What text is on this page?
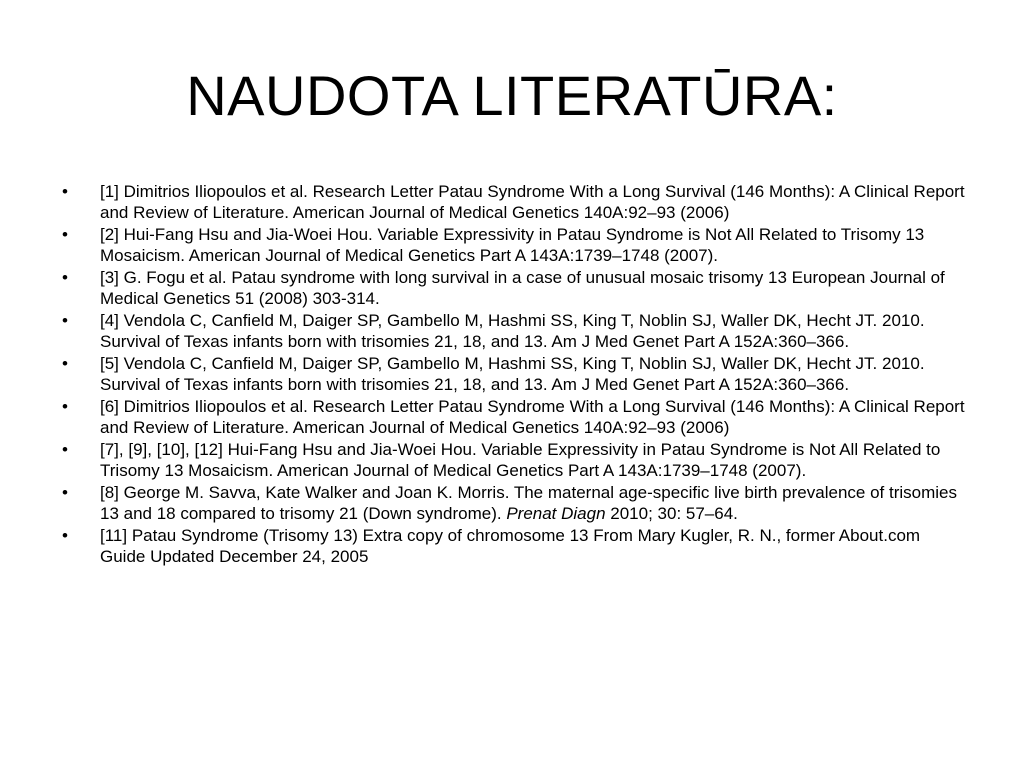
NAUDOTA LITERATŪRA:
•	[1] Dimitrios Iliopoulos et al. Research Letter Patau Syndrome With a Long Survival (146 Months): A Clinical Report and Review of Literature. American Journal of Medical Genetics 140A:92–93 (2006)
•	[2] Hui-Fang Hsu and Jia-Woei Hou. Variable Expressivity in Patau Syndrome is Not All Related to Trisomy 13 Mosaicism. American Journal of Medical Genetics Part A 143A:1739–1748 (2007).
•	[3] G. Fogu et al. Patau syndrome with long survival in a case of unusual mosaic trisomy 13 European Journal of Medical Genetics 51 (2008) 303-314.
•	[4] Vendola C, Canfield M, Daiger SP, Gambello M, Hashmi SS, King T, Noblin SJ, Waller DK, Hecht JT. 2010. Survival of Texas infants born with trisomies 21, 18, and 13. Am J Med Genet Part A 152A:360–366.
•	[5] Vendola C, Canfield M, Daiger SP, Gambello M, Hashmi SS, King T, Noblin SJ, Waller DK, Hecht JT. 2010. Survival of Texas infants born with trisomies 21, 18, and 13. Am J Med Genet Part A 152A:360–366.
•	[6] Dimitrios Iliopoulos et al. Research Letter Patau Syndrome With a Long Survival (146 Months): A Clinical Report and Review of Literature. American Journal of Medical Genetics 140A:92–93 (2006)
•	[7], [9], [10], [12] Hui-Fang Hsu and Jia-Woei Hou. Variable Expressivity in Patau Syndrome is Not All Related to Trisomy 13 Mosaicism. American Journal of Medical Genetics Part A 143A:1739–1748 (2007).
•	[8] George M. Savva, Kate Walker and Joan K. Morris. The maternal age-specific live birth prevalence of trisomies 13 and 18 compared to trisomy 21 (Down syndrome). Prenat Diagn 2010; 30: 57–64.
•	[11] Patau Syndrome (Trisomy 13) Extra copy of chromosome 13 From Mary Kugler, R. N., former About.com Guide Updated December 24, 2005
